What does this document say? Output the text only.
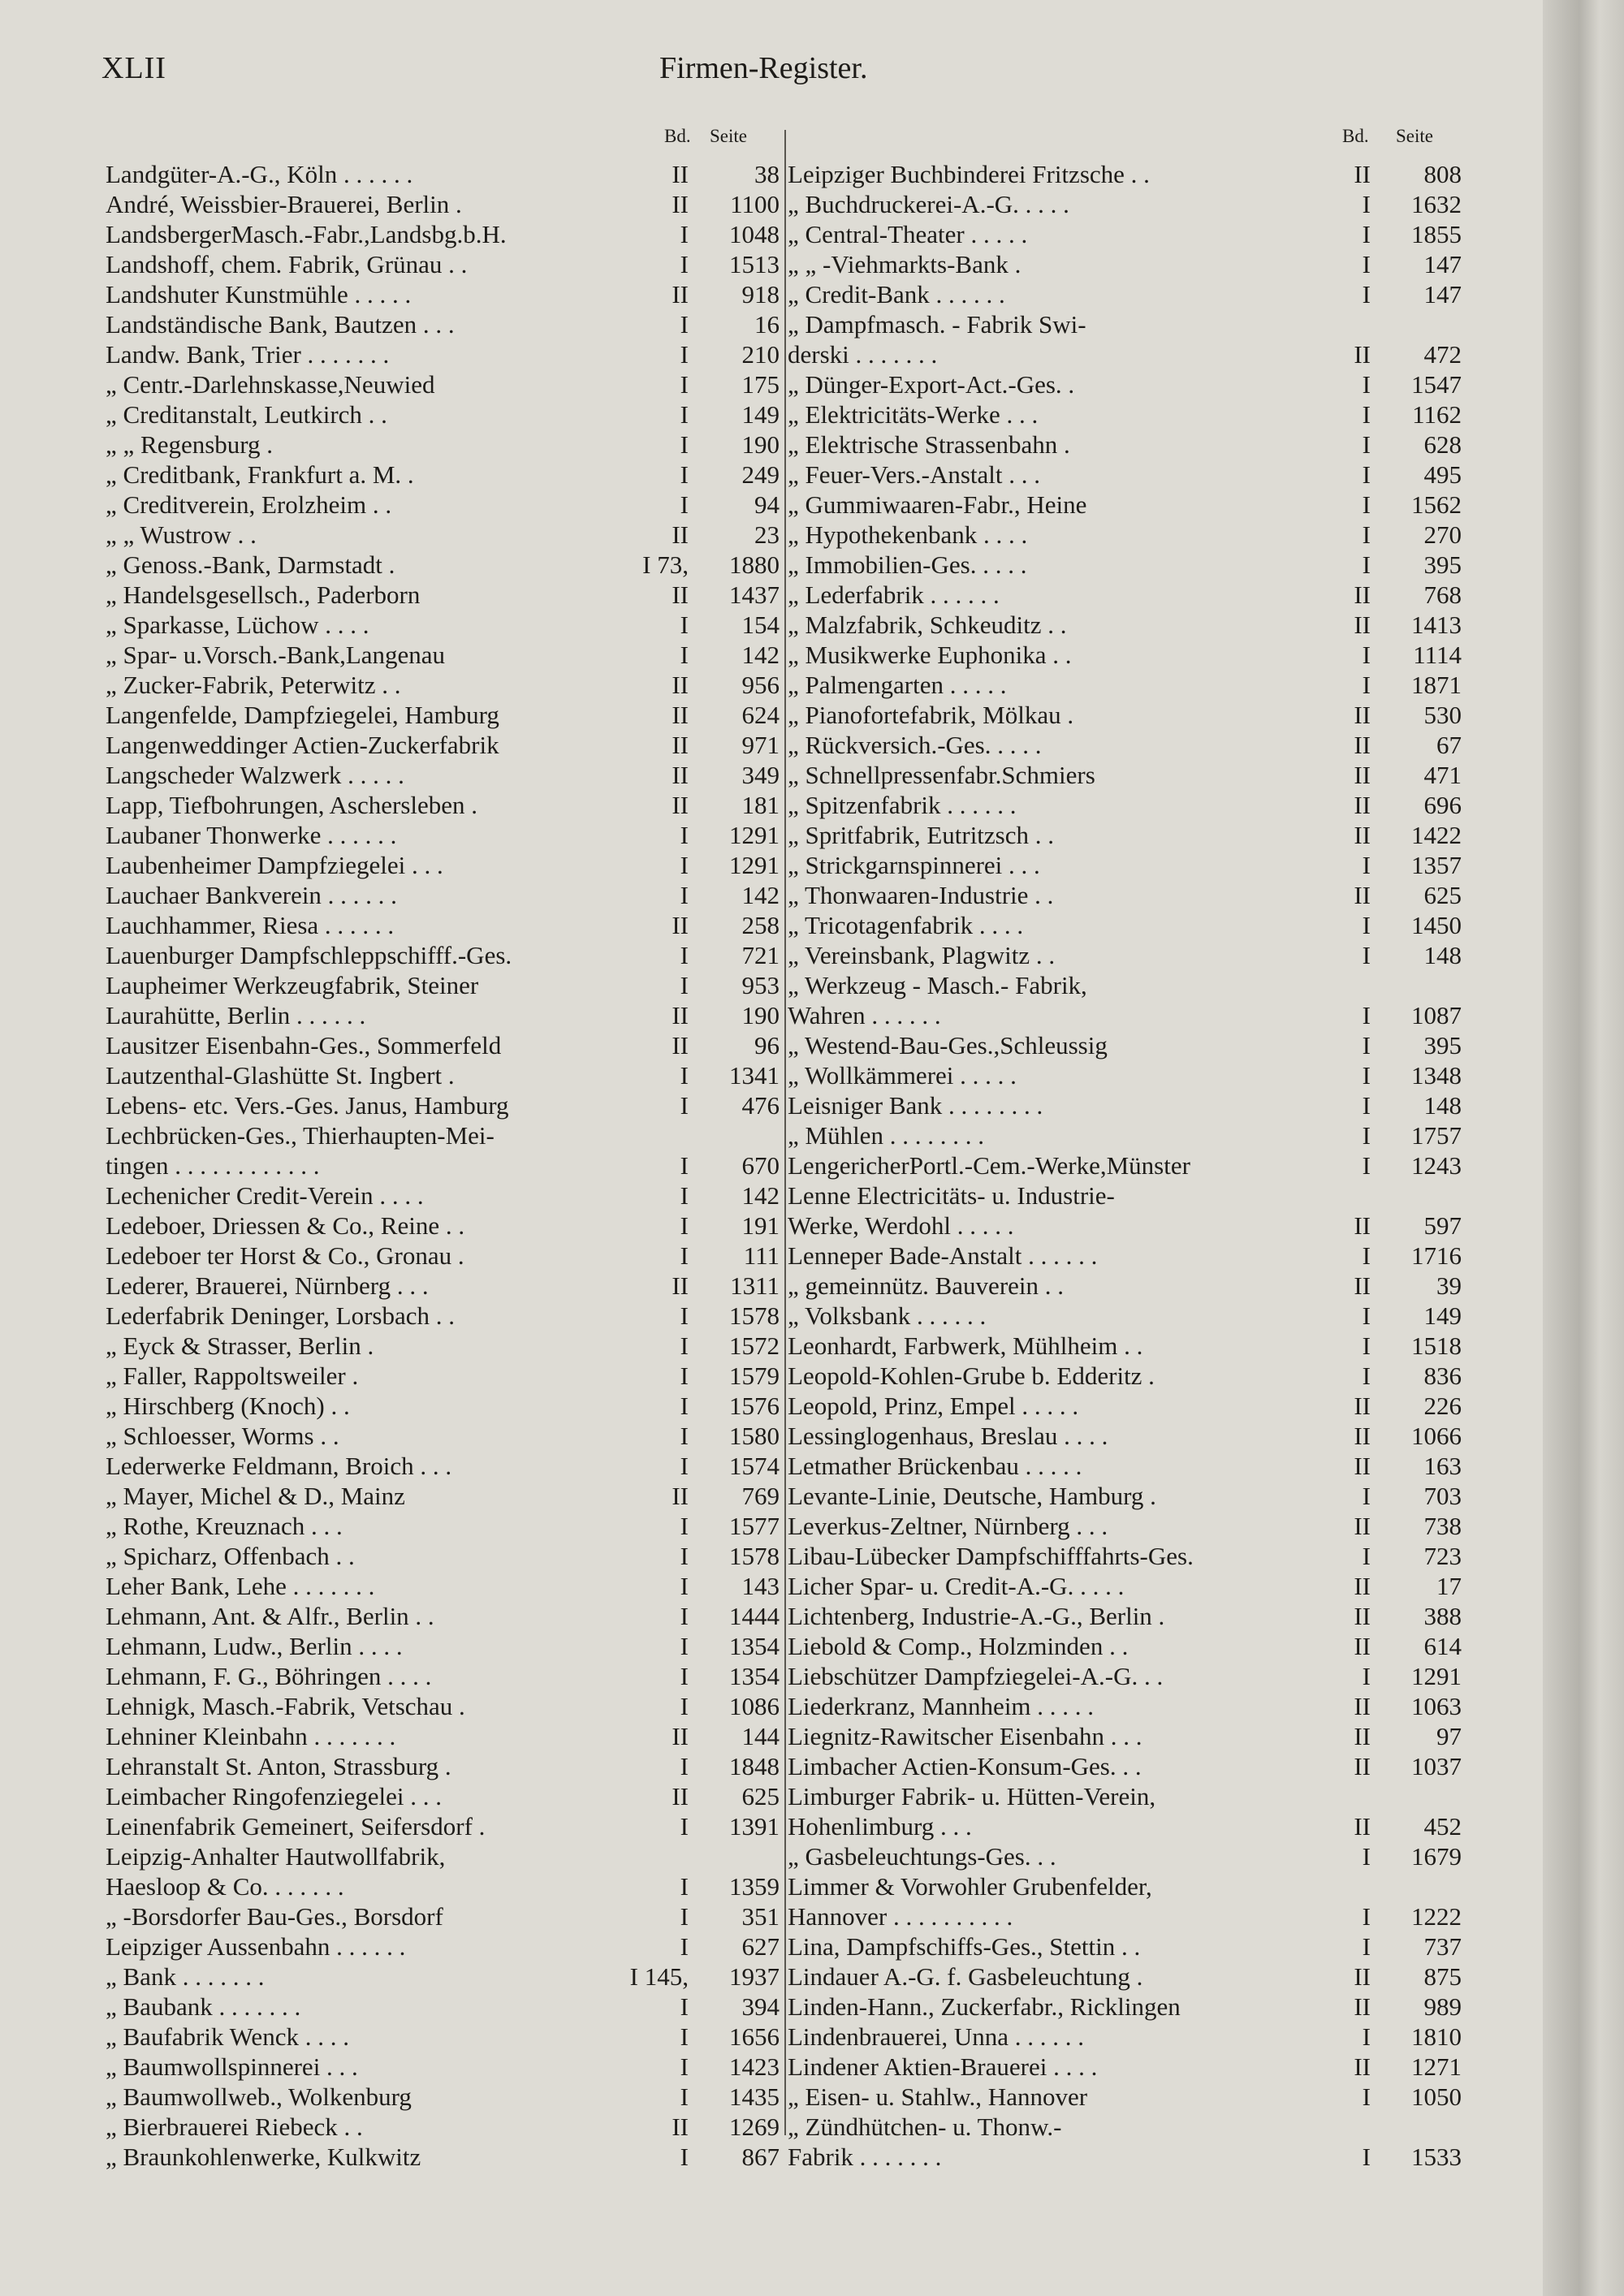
XLII	Firmen-Register.
Bd. Seite	Bd. Seite
Landgüter-A.-G., Köln . . . . . .	II	38
André, Weissbier-Brauerei, Berlin .	II 1100
LandsbergerMasch.-Fabr.,Landsbg.b.H.	I 1048
Landshoff, chem. Fabrik, Grünau . .	I 1513
Landshuter Kunstmühle . . . . .	II 918
Landständische Bank, Bautzen . . .	I	16
Landw. Bank, Trier . . . . . . .	I 210
„ Centr.-Darlehnskasse,Neuwied	I 175
„ Creditanstalt, Leutkirch . .	I 149
„ „ Regensburg .	I 190
„ Creditbank, Frankfurt a. M. .	I 249
„ Creditverein, Erolzheim . .	I	94
„ „ Wustrow . .	II	23
„ Genoss.-Bank, Darmstadt .	I 73, 1880
„ Handelsgesellsch., Paderborn	II 1437
„ Sparkasse, Lüchow . . . .	I 154
„ Spar- u.Vorsch.-Bank,Langenau	I 142
„ Zucker-Fabrik, Peterwitz . .	II 956
Langenfelde, Dampfziegelei, Hamburg	II 624
Langenweddinger Actien-Zuckerfabrik	II 971
Langscheder Walzwerk . . . . .	II 349
Lapp, Tiefbohrungen, Aschersleben .	II 181
Laubaner Thonwerke . . . . . .	I 1291
Laubenheimer Dampfziegelei . . .	I 1291
Lauchaer Bankverein . . . . . .	I 142
Lauchhammer, Riesa . . . . . .	II 258
Lauenburger Dampfschleppschifff.-Ges.	I 721
Laupheimer Werkzeugfabrik, Steiner	I 953
Laurahütte, Berlin . . . . . .	II 190
Lausitzer Eisenbahn-Ges., Sommerfeld	II	96
Lautzenthal-Glashütte St. Ingbert .	I 1341
Lebens- etc. Vers.-Ges. Janus, Hamburg	I 476
Lechbrücken-Ges., Thierhaupten-Mei-
tingen . . . . . . . . . . . .	I 670
Lechenicher Credit-Verein . . . .	I 142
Ledeboer, Driessen & Co., Reine . .	I 191
Ledeboer ter Horst & Co., Gronau .	I 111
Lederer, Brauerei, Nürnberg . . .	II 1311
Lederfabrik Deninger, Lorsbach . .	I 1578
„ Eyck & Strasser, Berlin .	I 1572
„ Faller, Rappoltsweiler .	I 1579
„ Hirschberg (Knoch) . .	I 1576
„ Schloesser, Worms . .	I 1580
Lederwerke Feldmann, Broich . . .	I 1574
„ Mayer, Michel & D., Mainz	II 769
„ Rothe, Kreuznach . . .	I 1577
„ Spicharz, Offenbach . .	I 1578
Leher Bank, Lehe . . . . . . .	I 143
Lehmann, Ant. & Alfr., Berlin . .	I 1444
Lehmann, Ludw., Berlin . . . .	I 1354
Lehmann, F. G., Böhringen . . . .	I 1354
Lehnigk, Masch.-Fabrik, Vetschau .	I 1086
Lehniner Kleinbahn . . . . . . .	II 144
Lehranstalt St. Anton, Strassburg .	I 1848
Leimbacher Ringofenziegelei . . .	II 625
Leinenfabrik Gemeinert, Seifersdorf .	I 1391
Leipzig-Anhalter Hautwollfabrik,
Haesloop & Co. . . . . . .	I 1359
„ -Borsdorfer Bau-Ges., Borsdorf	I 351
Leipziger Aussenbahn . . . . . .	I 627
„ Bank . . . . . . .	I 145, 1937
„ Baubank . . . . . . .	I 394
„ Baufabrik Wenck . . . .	I 1656
„ Baumwollspinnerei . . .	I 1423
„ Baumwollweb., Wolkenburg	I 1435
„ Bierbrauerei Riebeck . .	II 1269
„ Braunkohlenwerke, Kulkwitz	I 867
Leipziger Buchbinderei Fritzsche . .	II 808
„ Buchdruckerei-A.-G. . . . .	I 1632
„ Central-Theater . . . . .	I 1855
„ „ -Viehmarkts-Bank .	I 147
„ Credit-Bank . . . . . .	I 147
„ Dampfmasch. - Fabrik Swi-
derski . . . . . . .	II 472
„ Dünger-Export-Act.-Ges. .	I 1547
„ Elektricitäts-Werke . . .	I 1162
„ Elektrische Strassenbahn .	I 628
„ Feuer-Vers.-Anstalt . . .	I 495
„ Gummiwaaren-Fabr., Heine	I 1562
„ Hypothekenbank . . . .	I 270
„ Immobilien-Ges. . . . .	I 395
„ Lederfabrik . . . . . .	II 768
„ Malzfabrik, Schkeuditz . .	II 1413
„ Musikwerke Euphonika . .	I 1114
„ Palmengarten . . . . .	I 1871
„ Pianofortefabrik, Mölkau .	II 530
„ Rückversich.-Ges. . . . .	II	67
„ Schnellpressenfabr.Schmiers	II 471
„ Spitzenfabrik . . . . . .	II 696
„ Spritfabrik, Eutritzsch . .	II 1422
„ Strickgarnspinnerei . . .	I 1357
„ Thonwaaren-Industrie . .	II 625
„ Tricotagenfabrik . . . .	I 1450
„ Vereinsbank, Plagwitz . .	I 148
„ Werkzeug - Masch.- Fabrik,
Wahren . . . . . .	I 1087
„ Westend-Bau-Ges.,Schleussig	I 395
„ Wollkämmerei . . . . .	I 1348
Leisniger Bank . . . . . . . .	I 148
„ Mühlen . . . . . . . .	I 1757
LengericherPortl.-Cem.-Werke,Münster	I 1243
Lenne Electricitäts- u. Industrie-
Werke, Werdohl . . . . .	II 597
Lenneper Bade-Anstalt . . . . . .	I 1716
„ gemeinnütz. Bauverein . .	II	39
„ Volksbank . . . . . .	I 149
Leonhardt, Farbwerk, Mühlheim . .	I 1518
Leopold-Kohlen-Grube b. Edderitz .	I 836
Leopold, Prinz, Empel . . . . .	II 226
Lessinglogenhaus, Breslau . . . .	II 1066
Letmather Brückenbau . . . . .	II 163
Levante-Linie, Deutsche, Hamburg .	I 703
Leverkus-Zeltner, Nürnberg . . .	II 738
Libau-Lübecker Dampfschifffahrts-Ges.	I 723
Licher Spar- u. Credit-A.-G. . . . .	II	17
Lichtenberg, Industrie-A.-G., Berlin .	II 388
Liebold & Comp., Holzminden . .	II 614
Liebschützer Dampfziegelei-A.-G. . .	I 1291
Liederkranz, Mannheim . . . . .	II 1063
Liegnitz-Rawitscher Eisenbahn . . .	II	97
Limbacher Actien-Konsum-Ges. . .	II 1037
Limburger Fabrik- u. Hütten-Verein,
Hohenlimburg . . .	II 452
„ Gasbeleuchtungs-Ges. . .	I 1679
Limmer & Vorwohler Grubenfelder,
Hannover . . . . . . . . . .	I 1222
Lina, Dampfschiffs-Ges., Stettin . .	I 737
Lindauer A.-G. f. Gasbeleuchtung .	II 875
Linden-Hann., Zuckerfabr., Ricklingen	II 989
Lindenbrauerei, Unna . . . . . .	I 1810
Lindener Aktien-Brauerei . . . .	II 1271
„ Eisen- u. Stahlw., Hannover	I 1050
„ Zündhütchen- u. Thonw.-
Fabrik . . . . . . .	I 1533
